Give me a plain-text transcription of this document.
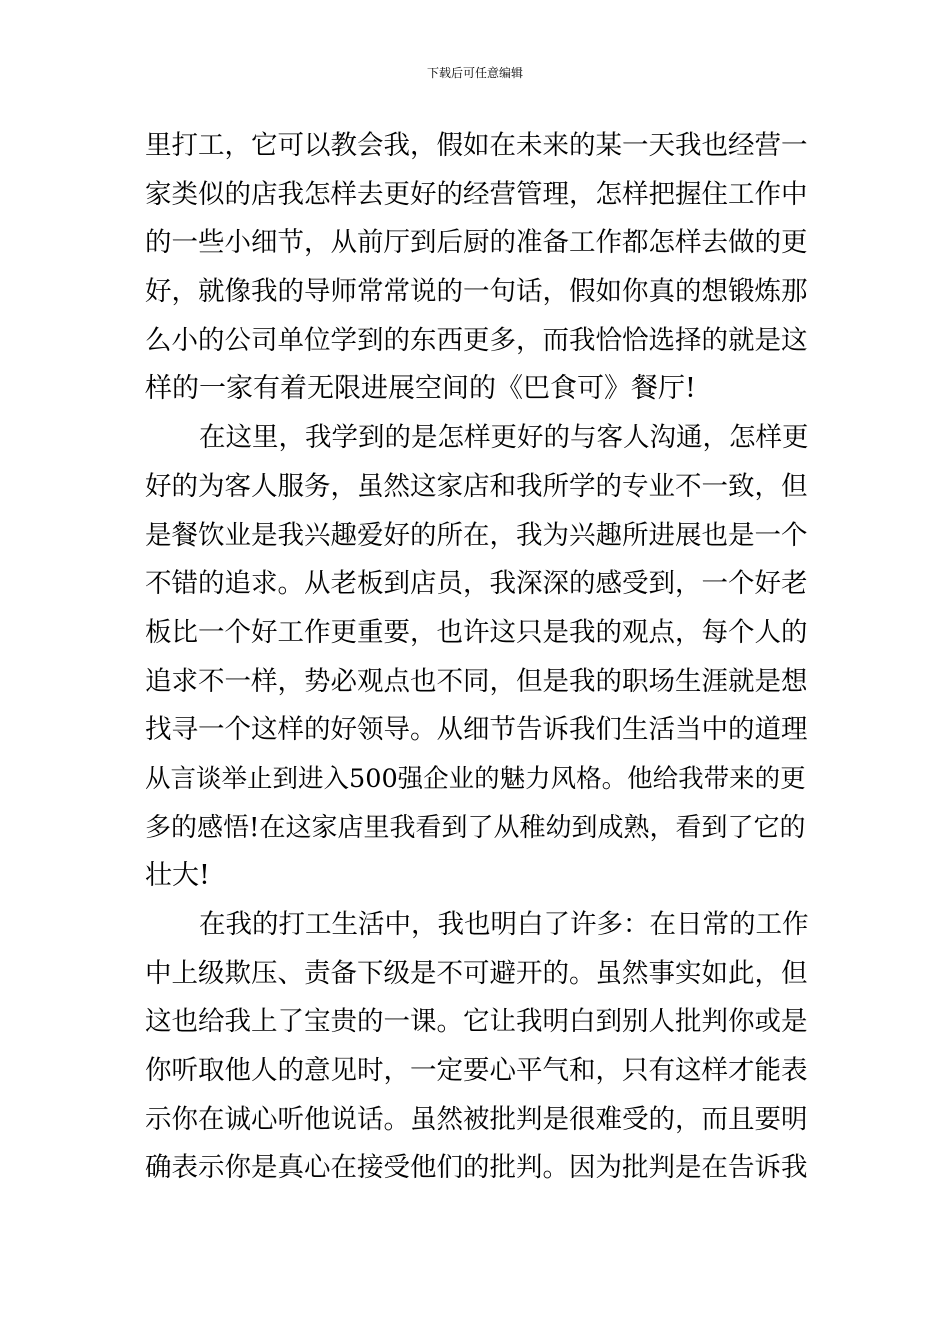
下载后可任意编辑
里打工，它可以教会我，假如在未来的某一天我也经营一
家类似的店我怎样去更好的经营管理，怎样把握住工作中
的一些小细节，从前厅到后厨的准备工作都怎样去做的更
好，就像我的导师常常说的一句话，假如你真的想锻炼那
么小的公司单位学到的东西更多，而我恰恰选择的就是这
样的一家有着无限进展空间的《巴食可》餐厅!
在这里，我学到的是怎样更好的与客人沟通，怎样更
好的为客人服务，虽然这家店和我所学的专业不一致，但
是餐饮业是我兴趣爱好的所在，我为兴趣所进展也是一个
不错的追求。从老板到店员，我深深的感受到，一个好老
板比一个好工作更重要，也许这只是我的观点，每个人的
追求不一样，势必观点也不同，但是我的职场生涯就是想
找寻一个这样的好领导。从细节告诉我们生活当中的道理
从言谈举止到进入500强企业的魅力风格。他给我带来的更
多的感悟!在这家店里我看到了从稚幼到成熟，看到了它的
壮大!
在我的打工生活中，我也明白了许多：在日常的工作
中上级欺压、责备下级是不可避开的。虽然事实如此，但
这也给我上了宝贵的一课。它让我明白到别人批判你或是
你听取他人的意见时，一定要心平气和，只有这样才能表
示你在诚心听他说话。虽然被批判是很难受的，而且要明
确表示你是真心在接受他们的批判。因为批判是在告诉我
